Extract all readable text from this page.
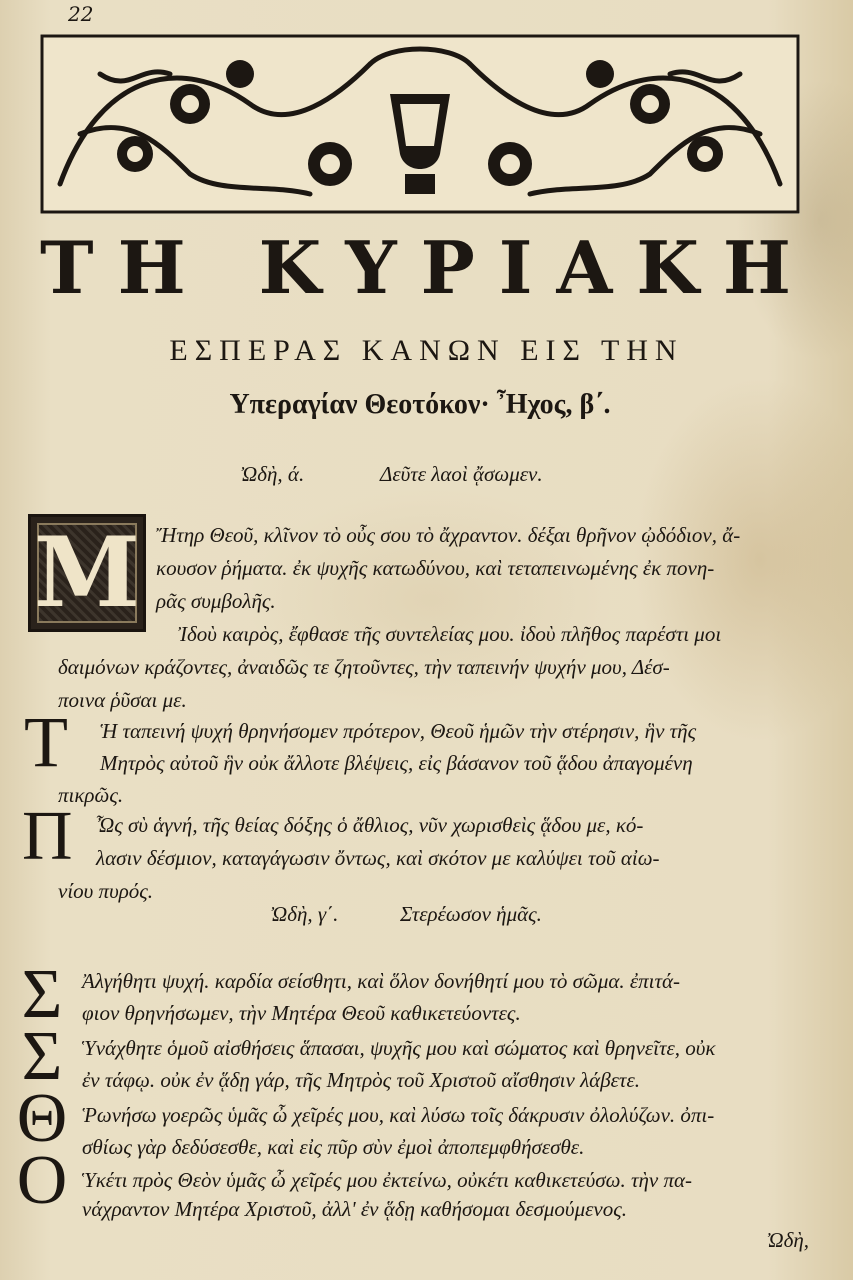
22
ΤΗ ΚΥΡΙΑΚΗ
ΕΣΠΕΡΑΣ ΚΑΝΩΝ ΕΙΣ ΤΗΝ
Υπεραγίαν Θεοτόκον· Ἦχος, β΄.
Ὠδὴ, ά.	Δεῦτε λαοὶ ᾄσωμεν.
Μ Ἤτηρ Θεοῦ, κλῖνον τὸ οὖς σου τὸ ἄχραντον. δέξαι θρῆνον ᾠδόδιον, ἄ-
κουσον ῥήματα. ἐκ ψυχῆς κατωδύνου, καὶ τεταπεινωμένης ἐκ πονη-
ρᾶς συμβολῆς.
Ἰδοὺ καιρὸς, ἔφθασε τῆς συντελείας μου. ἰδοὺ πλῆθος παρέστι μοι
δαιμόνων κράζοντες, ἀναιδῶς τε ζητοῦντες, τὴν ταπεινήν ψυχήν μου, Δέσ-
ποινα ῥῦσαι με.
Τ Ἡ ταπεινή ψυχή θρηνήσομεν πρότερον, Θεοῦ ἡμῶν τὴν στέρησιν, ἣν τῆς
Μητρὸς αὐτοῦ ἣν οὐκ ἄλλοτε βλέψεις, εἰς βάσανον τοῦ ᾅδου ἀπαγομένη
πικρῶς.
Π Ὦς σὺ ἁγνή, τῆς θείας δόξης ὁ ἄθλιος, νῦν χωρισθεὶς ᾅδου με, κό-
λασιν δέσμιον, καταγάγωσιν ὄντως, καὶ σκότον με καλύψει τοῦ αἰω-
νίου πυρός.
Ὠδὴ, γ΄.	Στερέωσον ἡμᾶς.
Σ
Σ
Θ
Ο
Ἀλγήθητι ψυχή. καρδία σείσθητι, καὶ ὅλον δονήθητί μου τὸ σῶμα. ἐπιτά-
φιον θρηνήσωμεν, τὴν Μητέρα Θεοῦ καθικετεύοντες.
Ὑνάχθητε ὁμοῦ αἰσθήσεις ἅπασαι, ψυχῆς μου καὶ σώματος καὶ θρηνεῖτε, οὐκ
ἐν τάφῳ. οὐκ ἐν ᾅδῃ γάρ, τῆς Μητρὸς τοῦ Χριστοῦ αἴσθησιν λάβετε.
Ῥωνήσω γοερῶς ὑμᾶς ὦ χεῖρές μου, καὶ λύσω τοῖς δάκρυσιν ὀλολύζων. ὀπι-
σθίως γὰρ δεδύσεσθε, καὶ εἰς πῦρ σὺν ἐμοὶ ἀποπεμφθήσεσθε.
Ὑκέτι πρὸς Θεὸν ὑμᾶς ὦ χεῖρές μου ἐκτείνω, οὐκέτι καθικετεύσω. τὴν πα-
νάχραντον Μητέρα Χριστοῦ, ἀλλ' ἐν ᾅδῃ καθήσομαι δεσμούμενος.
Ὠδὴ,
